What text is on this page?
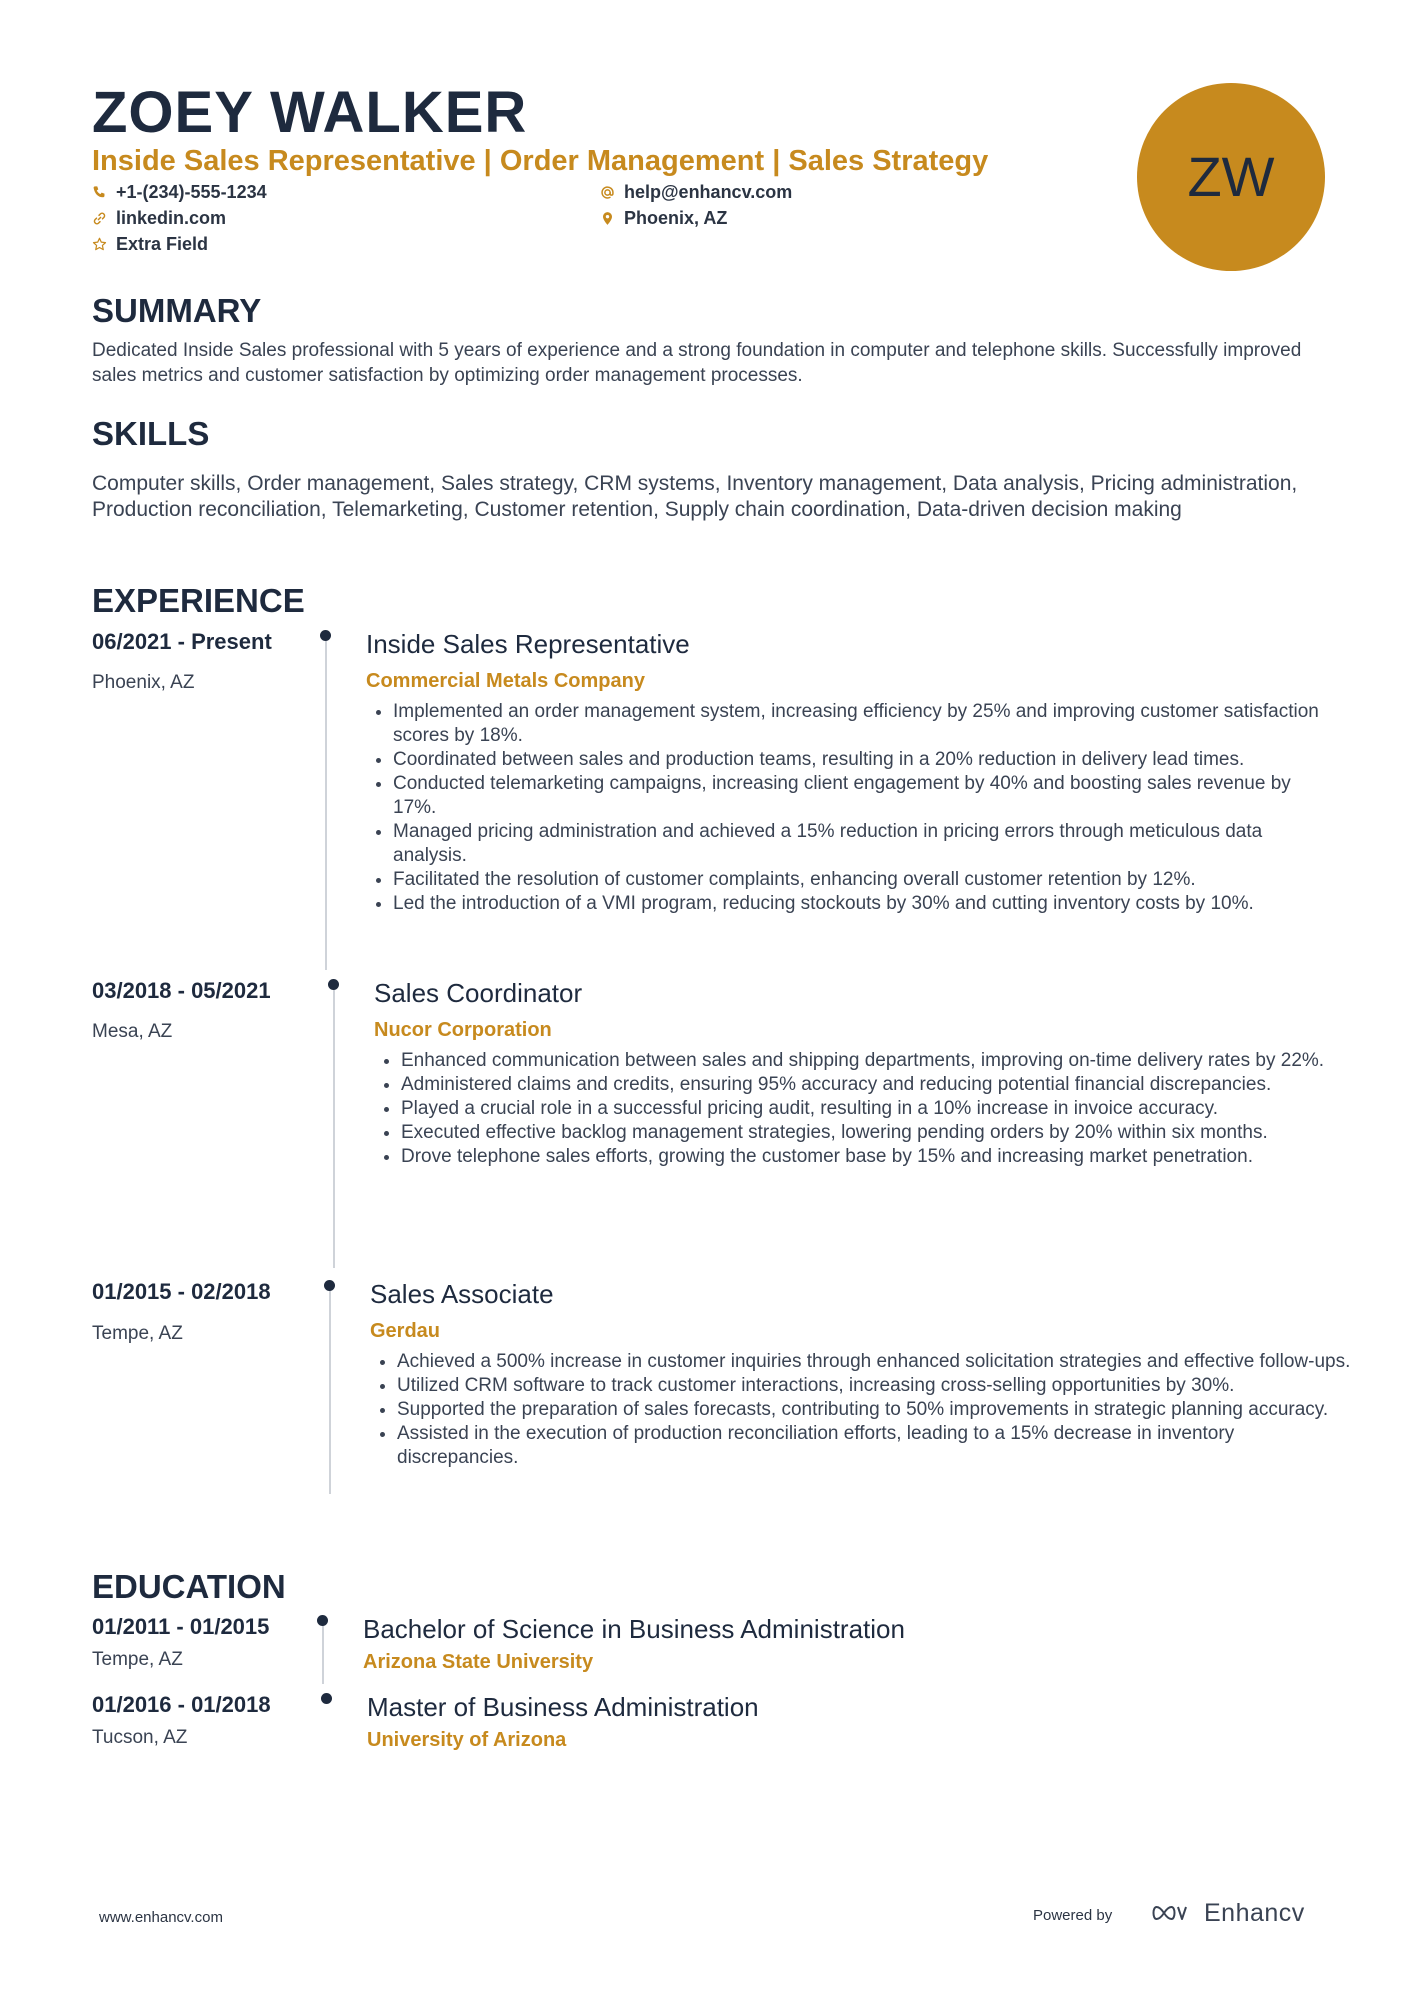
ZOEY WALKER
Inside Sales Representative | Order Management | Sales Strategy
+1-(234)-555-1234	help@enhancv.com
linkedin.com	Phoenix, AZ
Extra Field
ZW
SUMMARY

Dedicated Inside Sales professional with 5 years of experience and a strong foundation in computer and telephone skills. Successfully improved sales metrics and customer satisfaction by optimizing order management processes.

SKILLS

Computer skills, Order management, Sales strategy, CRM systems, Inventory management, Data analysis, Pricing administration, Production reconciliation, Telemarketing, Customer retention, Supply chain coordination, Data-driven decision making

EXPERIENCE
06/2021 - Present
Phoenix, AZ
Inside Sales Representative
Commercial Metals Company
• Implemented an order management system, increasing efficiency by 25% and improving customer satisfaction scores by 18%.
• Coordinated between sales and production teams, resulting in a 20% reduction in delivery lead times.
• Conducted telemarketing campaigns, increasing client engagement by 40% and boosting sales revenue by 17%.
• Managed pricing administration and achieved a 15% reduction in pricing errors through meticulous data analysis.
• Facilitated the resolution of customer complaints, enhancing overall customer retention by 12%.
• Led the introduction of a VMI program, reducing stockouts by 30% and cutting inventory costs by 10%.
03/2018 - 05/2021
Mesa, AZ
Sales Coordinator
Nucor Corporation
• Enhanced communication between sales and shipping departments, improving on-time delivery rates by 22%.
• Administered claims and credits, ensuring 95% accuracy and reducing potential financial discrepancies.
• Played a crucial role in a successful pricing audit, resulting in a 10% increase in invoice accuracy.
• Executed effective backlog management strategies, lowering pending orders by 20% within six months.
• Drove telephone sales efforts, growing the customer base by 15% and increasing market penetration.
01/2015 - 02/2018
Tempe, AZ
Sales Associate
Gerdau
• Achieved a 500% increase in customer inquiries through enhanced solicitation strategies and effective follow-ups.
• Utilized CRM software to track customer interactions, increasing cross-selling opportunities by 30%.
• Supported the preparation of sales forecasts, contributing to 50% improvements in strategic planning accuracy.
• Assisted in the execution of production reconciliation efforts, leading to a 15% decrease in inventory discrepancies.
EDUCATION
01/2011 - 01/2015
Tempe, AZ
Bachelor of Science in Business Administration
Arizona State University
01/2016 - 01/2018
Tucson, AZ
Master of Business Administration
University of Arizona
www.enhancv.com	Powered by	Enhancv
